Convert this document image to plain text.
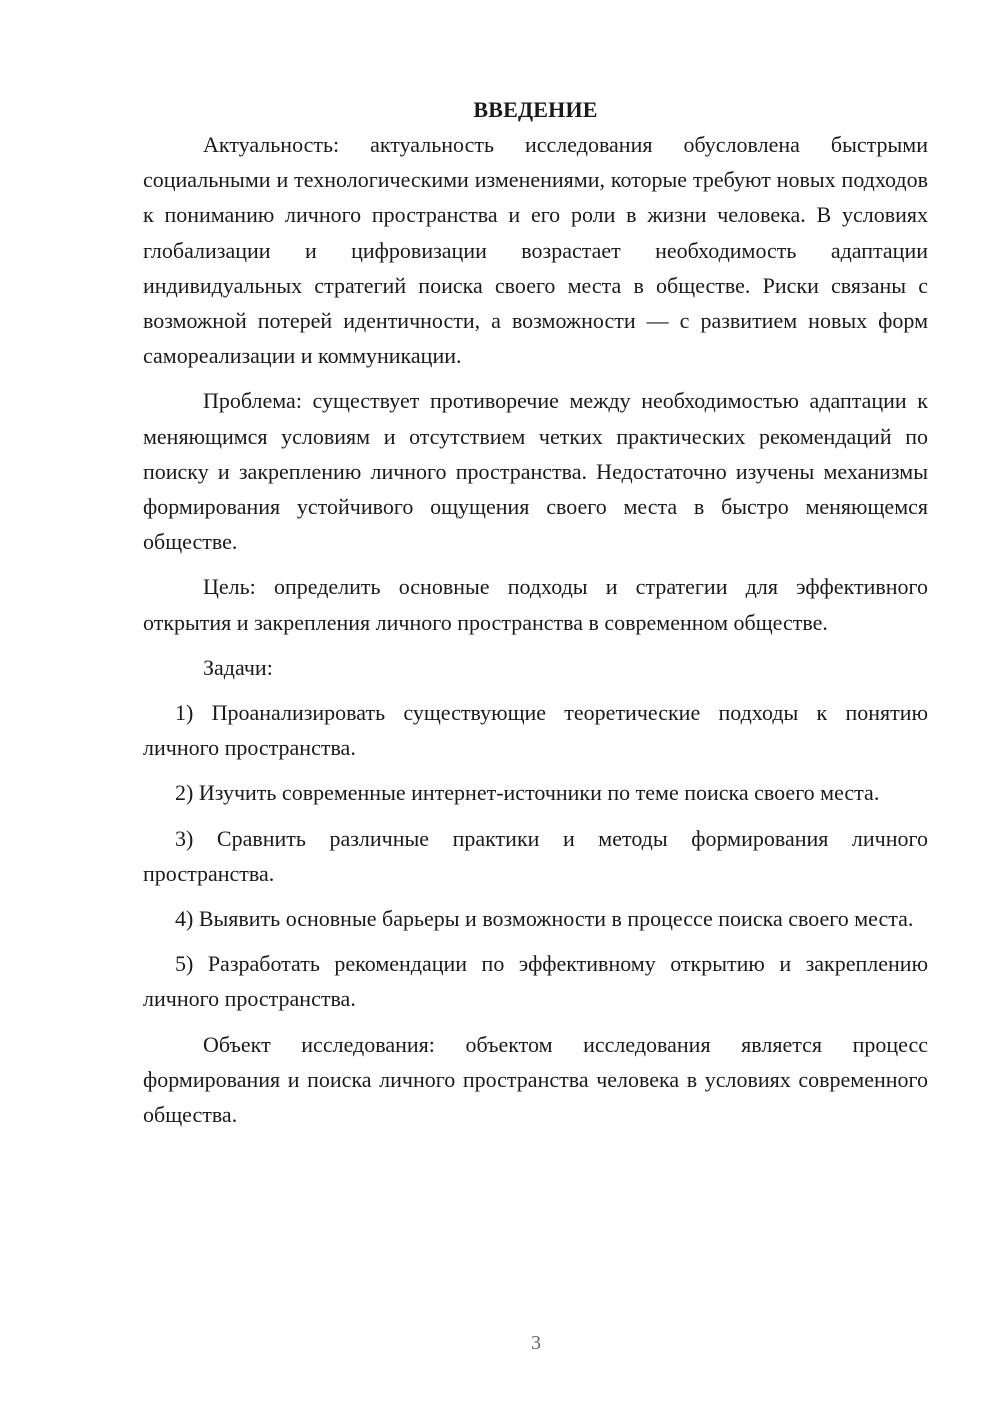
ВВЕДЕНИЕ

Актуальность: актуальность исследования обусловлена быстрыми социальными и технологическими изменениями, которые требуют новых подходов к пониманию личного пространства и его роли в жизни человека. В условиях глобализации и цифровизации возрастает необходимость адаптации индивидуальных стратегий поиска своего места в обществе. Риски связаны с возможной потерей идентичности, а возможности — с развитием новых форм самореализации и коммуникации.

Проблема: существует противоречие между необходимостью адаптации к меняющимся условиям и отсутствием четких практических рекомендаций по поиску и закреплению личного пространства. Недостаточно изучены механизмы формирования устойчивого ощущения своего места в быстро меняющемся обществе.

Цель: определить основные подходы и стратегии для эффективного открытия и закрепления личного пространства в современном обществе.

Задачи:

1) Проанализировать существующие теоретические подходы к понятию личного пространства.

2) Изучить современные интернет-источники по теме поиска своего места.

3) Сравнить различные практики и методы формирования личного пространства.

4) Выявить основные барьеры и возможности в процессе поиска своего места.

5) Разработать рекомендации по эффективному открытию и закреплению личного пространства.

Объект исследования: объектом исследования является процесс формирования и поиска личного пространства человека в условиях современного общества.

3
